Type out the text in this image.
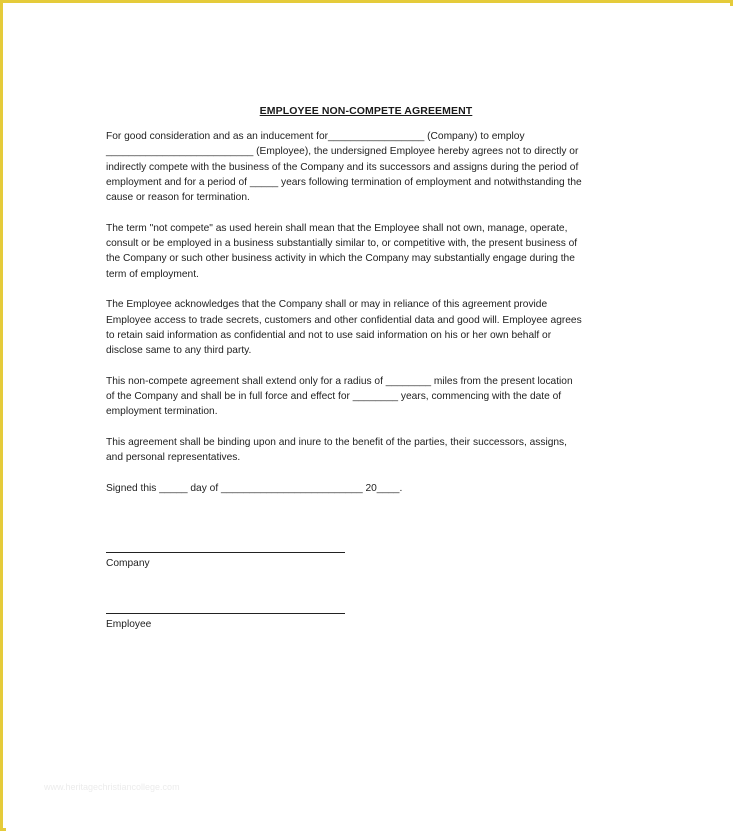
EMPLOYEE NON-COMPETE AGREEMENT

For good consideration and as an inducement for_________________ (Company) to employ
__________________________ (Employee), the undersigned Employee hereby agrees not to directly or
indirectly compete with the business of the Company and its successors and assigns during the period of
employment and for a period of _____ years following termination of employment and notwithstanding the
cause or reason for termination.

The term "not compete" as used herein shall mean that the Employee shall not own, manage, operate,
consult or be employed in a business substantially similar to, or competitive with, the present business of
the Company or such other business activity in which the Company may substantially engage during the
term of employment.

The Employee acknowledges that the Company shall or may in reliance of this agreement provide
Employee access to trade secrets, customers and other confidential data and good will. Employee agrees
to retain said information as confidential and not to use said information on his or her own behalf or
disclose same to any third party.

This non-compete agreement shall extend only for a radius of ________ miles from the present location
of the Company and shall be in full force and effect for ________ years, commencing with the date of
employment termination.

This agreement shall be binding upon and inure to the benefit of the parties, their successors, assigns,
and personal representatives.

Signed this _____ day of _________________________ 20____.

Company
Employee
www.heritagechristiancollege.com
